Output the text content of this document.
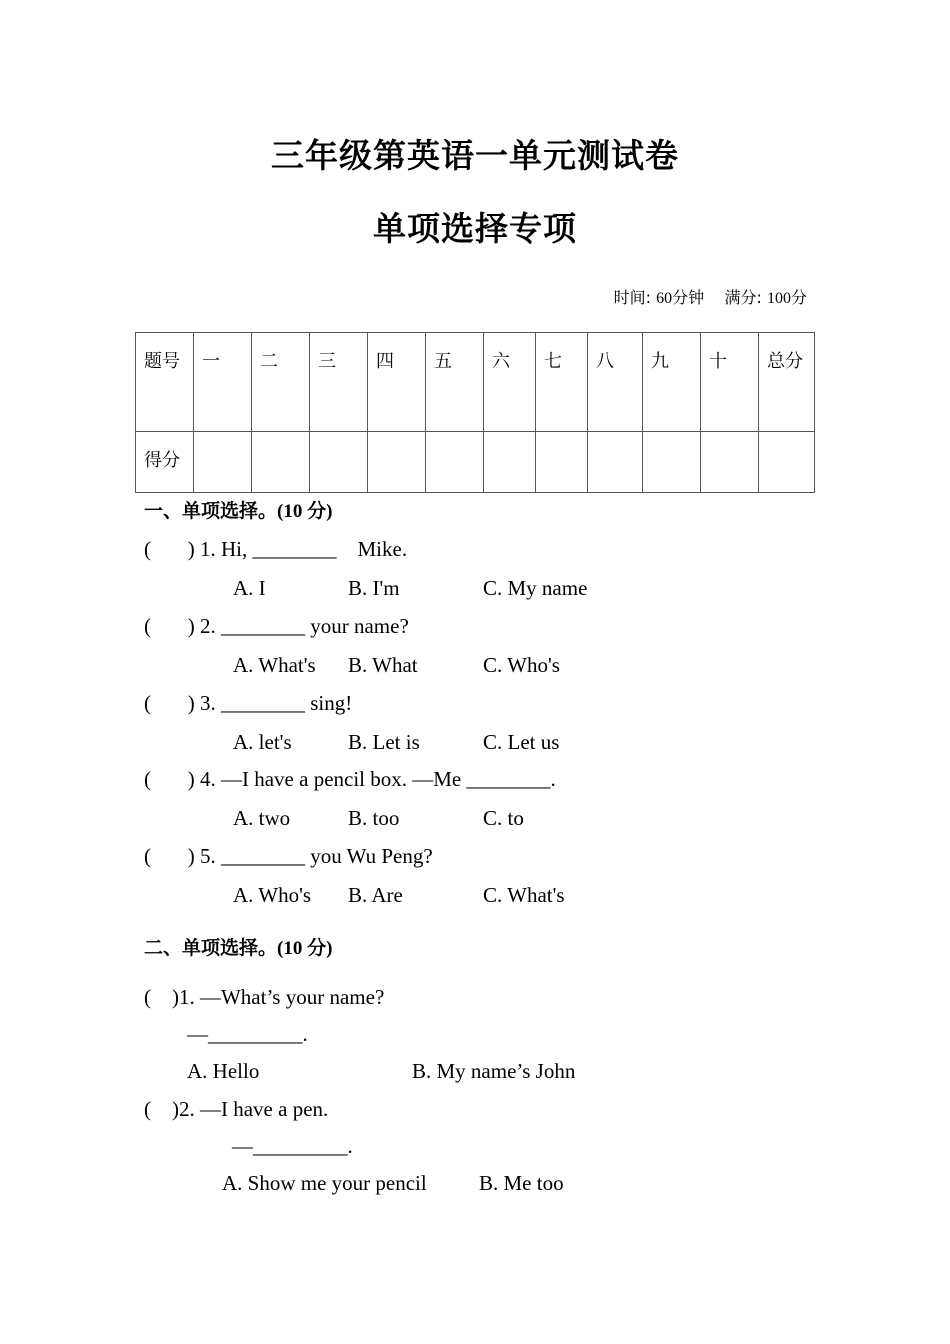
三年级第英语一单元测试卷
单项选择专项
时间: 60分钟 满分: 100分
题号	一	二	三	四	五	六	七	八	九	十	总分
得分											
一、单项选择。(10 分)
(       ) 1. Hi, ________    Mike.
A. I	B. I'm	C. My name
(       ) 2. ________ your name?
A. What's B. What	C. Who's
(       ) 3. ________ sing!
A. let's	B. Let is	C. Let us
(       ) 4. —I have a pencil box. —Me ________.
A. two	B. too	C. to
(       ) 5. ________ you Wu Peng?
A. Who's B. Are	C. What's
二、单项选择。(10 分)
(    )1. —What’s your name?
—_________.
A. Hello	B. My name’s John
(    )2. —I have a pen.
—_________.
A. Show me your pencil B. Me too
